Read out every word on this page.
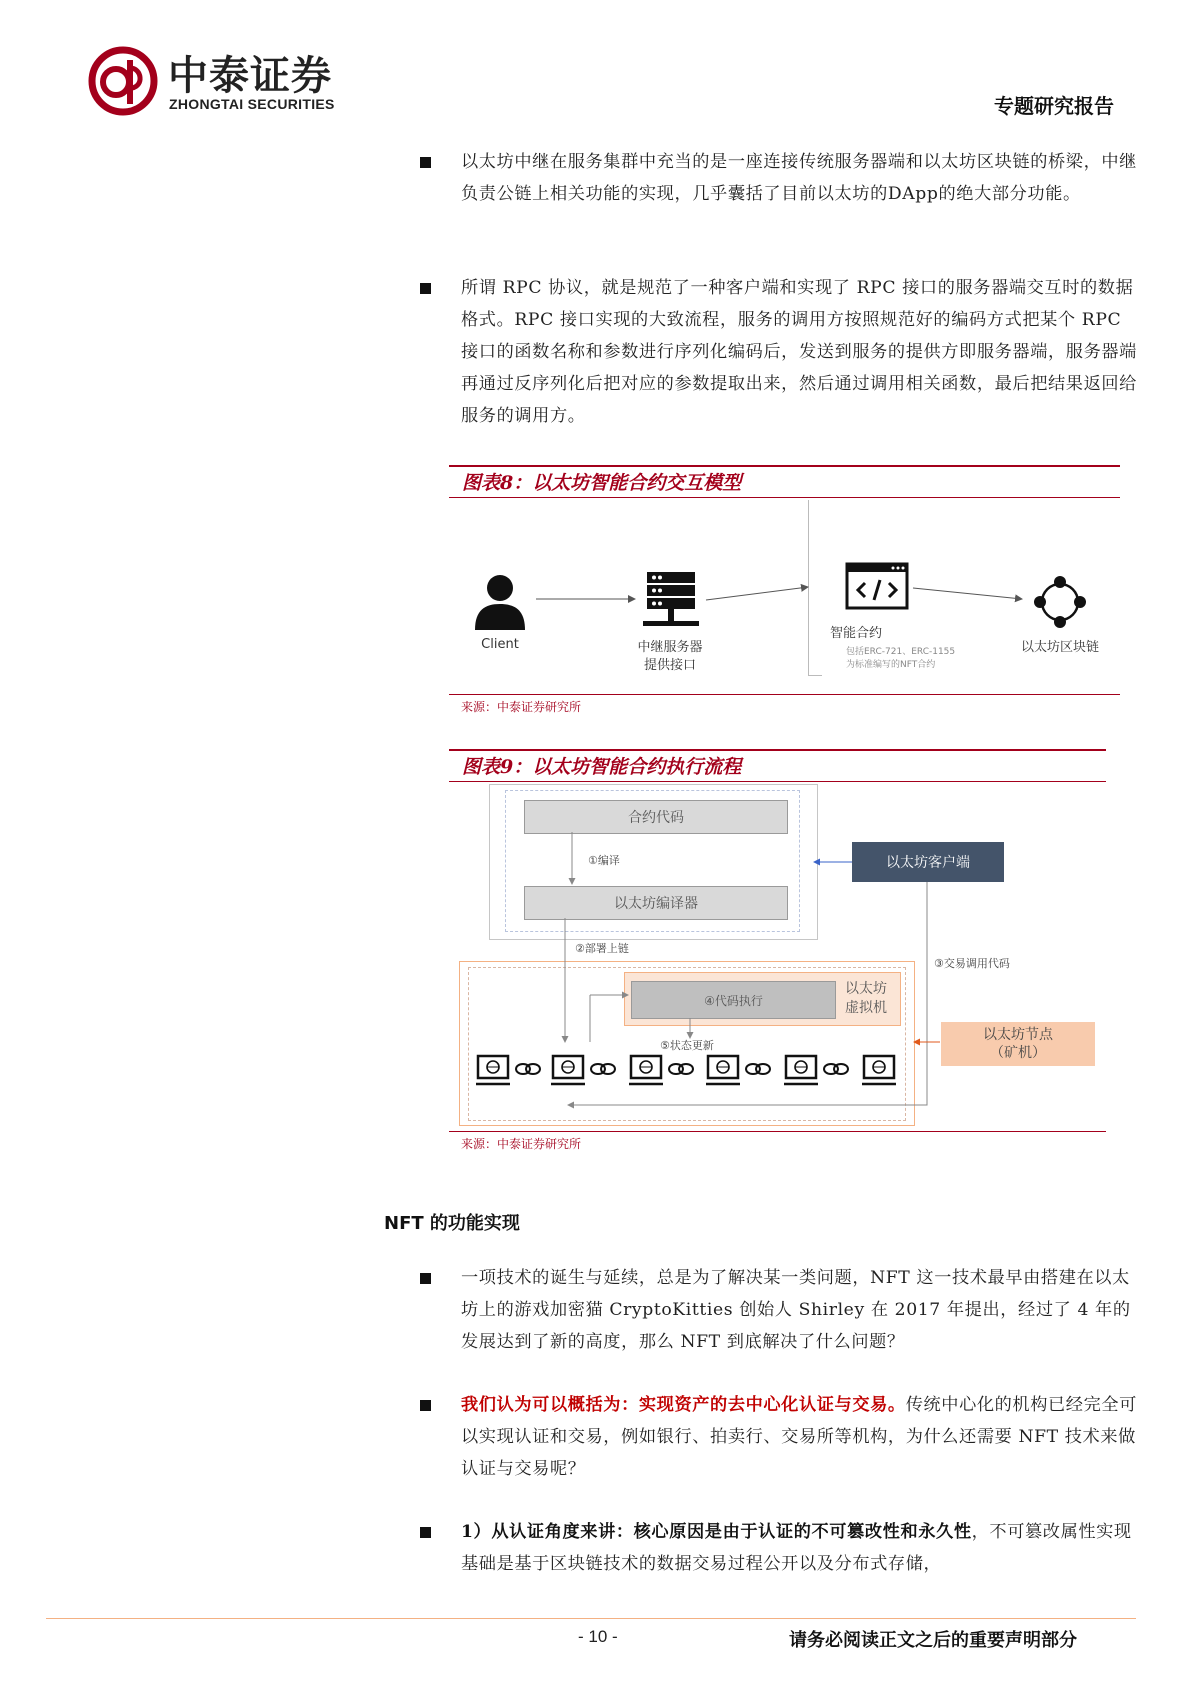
中泰证券
ZHONGTAI SECURITIES	专题研究报告
以太坊中继在服务集群中充当的是一座连接传统服务器端和以太坊区块链的桥梁，中继负责公链上相关功能的实现，几乎囊括了目前以太坊的DApp的绝大部分功能。
所谓 RPC 协议，就是规范了一种客户端和实现了 RPC 接口的服务器端交互时的数据格式。RPC 接口实现的大致流程，服务的调用方按照规范好的编码方式把某个 RPC 接口的函数名称和参数进行序列化编码后，发送到服务的提供方即服务器端，服务器端再通过反序列化后把对应的参数提取出来，然后通过调用相关函数，最后把结果返回给服务的调用方。
图表8：以太坊智能合约交互模型
Client	中继服务器
提供接口
智能合约
包括ERC-721、ERC-1155
为标准编写的NFT合约
以太坊区块链
来源：中泰证券研究所
图表9：以太坊智能合约执行流程
合约代码
①编译
以太坊编译器
以太坊客户端
④代码执行
以太坊
虚拟机
以太坊节点
（矿机）
②部署上链
③交易调用代码
⑤状态更新
来源：中泰证券研究所
NFT 的功能实现
一项技术的诞生与延续，总是为了解决某一类问题，NFT 这一技术最早由搭建在以太坊上的游戏加密猫 CryptoKitties 创始人 Shirley 在 2017 年提出，经过了 4 年的发展达到了新的高度，那么 NFT 到底解决了什么问题？
我们认为可以概括为：实现资产的去中心化认证与交易。传统中心化的机构已经完全可以实现认证和交易，例如银行、拍卖行、交易所等机构，为什么还需要 NFT 技术来做认证与交易呢？
1）从认证角度来讲：核心原因是由于认证的不可篡改性和永久性，不可篡改属性实现基础是基于区块链技术的数据交易过程公开以及分布式存储，
- 10 -	请务必阅读正文之后的重要声明部分
